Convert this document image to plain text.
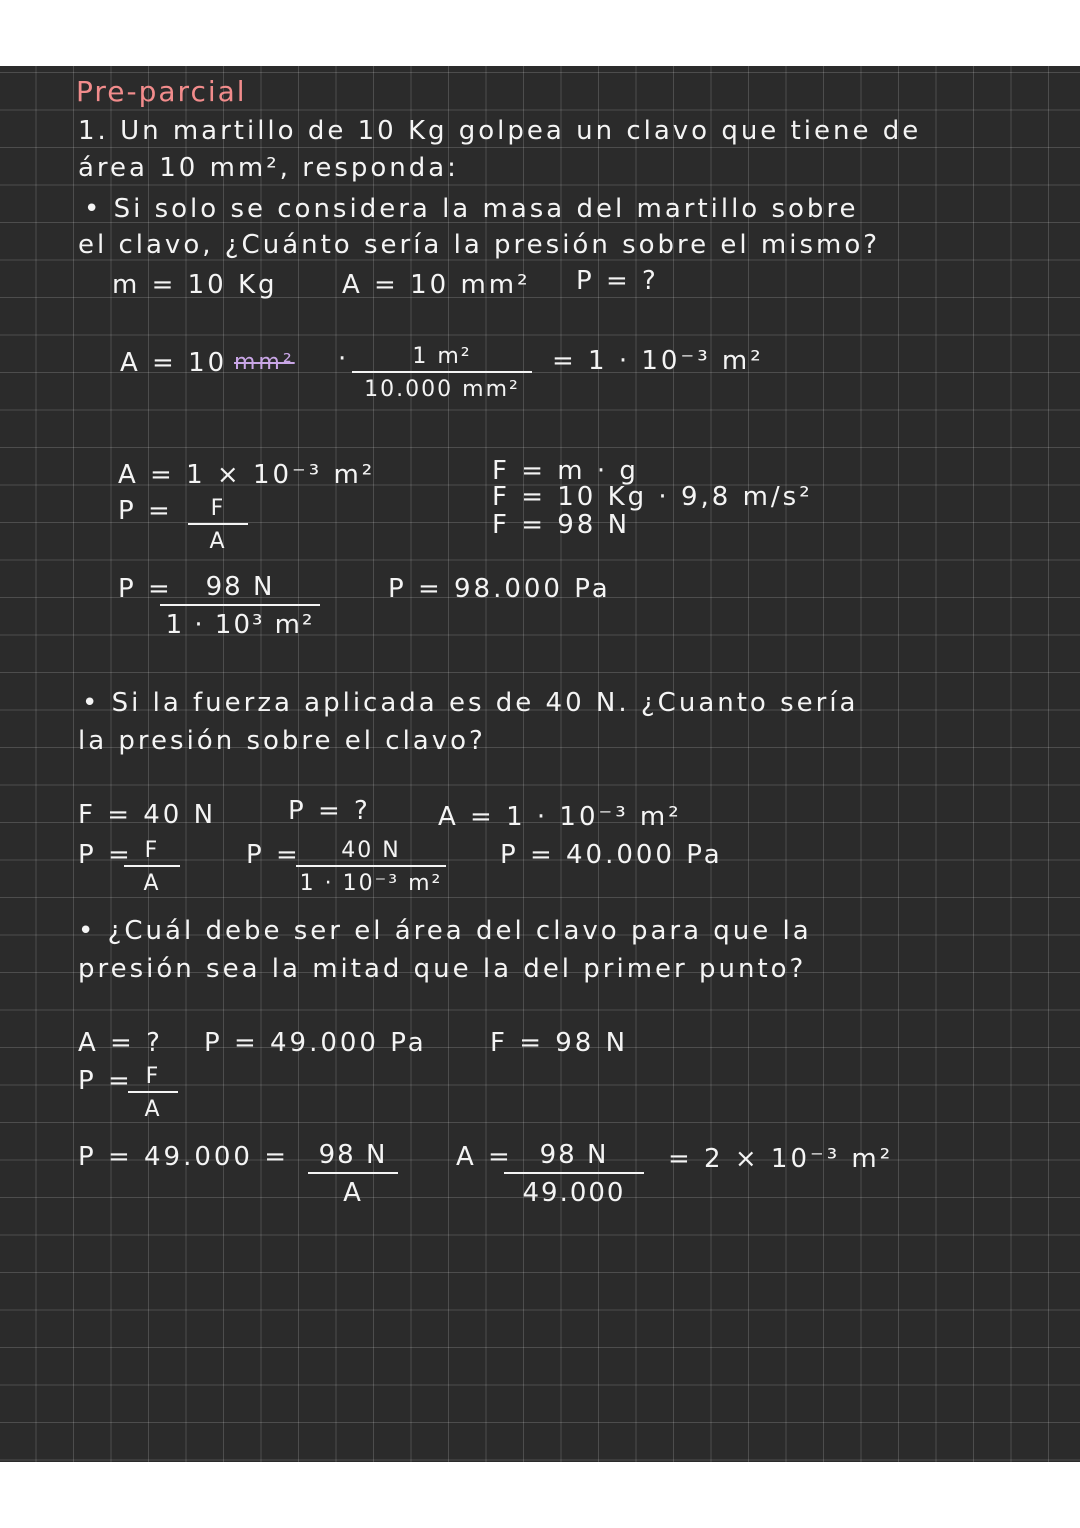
Pre-parcial
1. Un martillo de 10 Kg golpea un clavo que tiene de
área 10 mm², responda:
• Si solo se considera la masa del martillo sobre
el clavo, ¿Cuánto sería la presión sobre el mismo?
m = 10 Kg A = 10 mm² P = ?
A = 10 $mm^2 \cdot \frac{\text{1 m²}}{\text{10.000 mm²}} = 1 \cdot 10^{-3}$ m²
A = 1 × 10⁻³ m²
$P = \frac{F}{A}$
F = m · g
F = 10 Kg · 9,8 m/s²
F = 98 N
P =
$\frac{98 N}{\text{1 · 10³ m²}}$	P = 98.000 Pa
• Si la fuerza aplicada es de 40 N. ¿Cuanto sería
la presión sobre el clavo?
F = 40 N
P =
$\frac{F}{A}$
P = ?
P =
$\frac{40 N}{\text{1 · 10⁻³ m²}}$
A = 1 · 10⁻³ m²
P = 40.000 Pa
• ¿Cuál debe ser el área del clavo para que la
presión sea la mitad que la del primer punto?
A = ? P = 49.000 Pa F = 98 N
P =
$\frac{F}{A}$
$P = 49.000 = \frac{98 N}{A}$ A =
$\frac{98 N}{49.000} = 2 \times 10^{-3}$ m²
